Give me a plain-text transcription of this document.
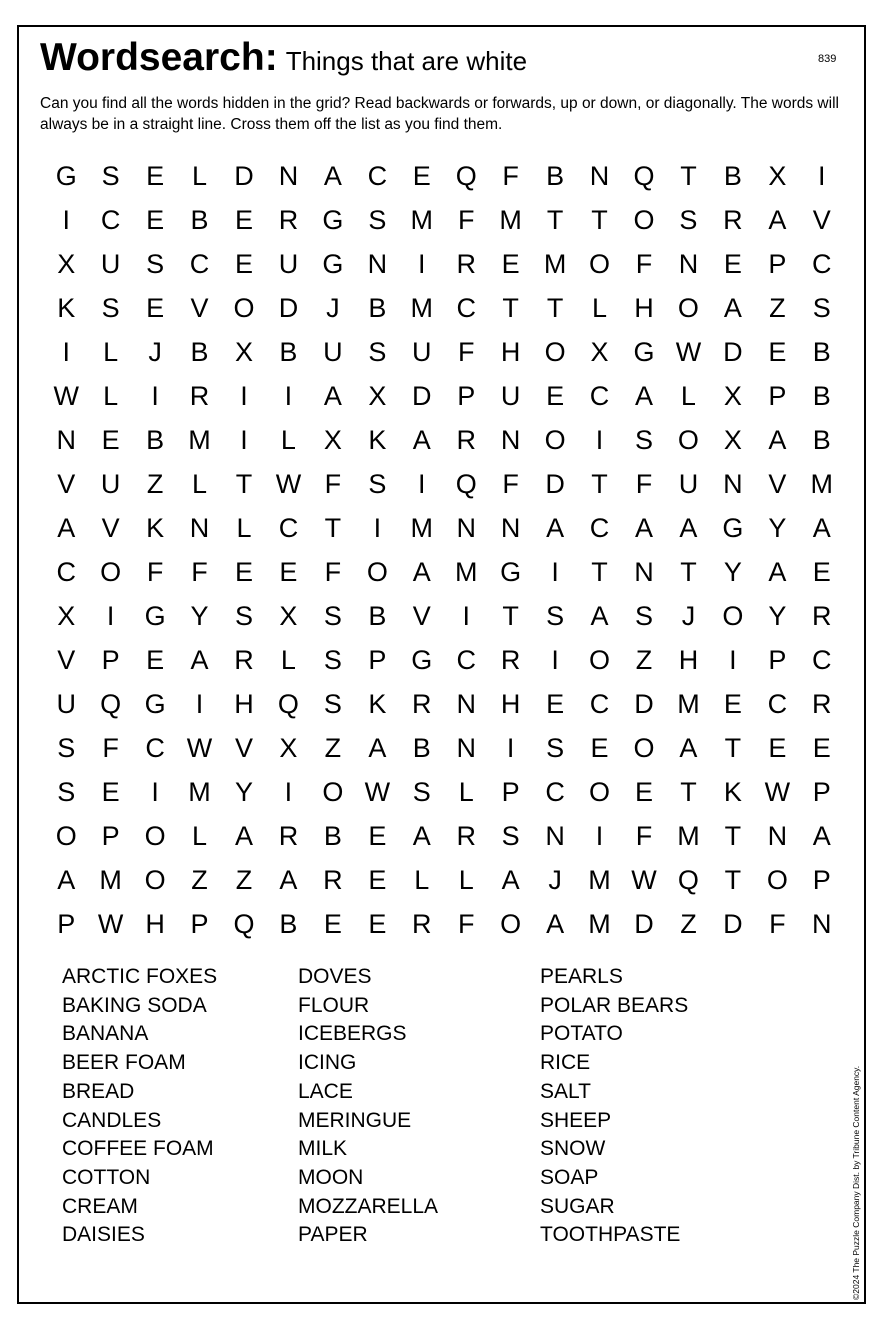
Wordsearch: Things that are white	839
Can you find all the words hidden in the grid? Read backwards or forwards, up or down, or diagonally. The words will always be in a straight line. Cross them off the list as you find them.
G S E	L	D N A C E Q F	B N Q T	B X	I
I	C E B E R G S M F M T	T O S R A V
X U S C E U G N	I	R E M O F N E P C
K S E V O D	J	B M C T	T	L	H O A	Z	S
I	L	J	B X B U S U F H O X G W D E B
W L	I	R	I	I	A X D P U E C A	L	X P B
N E B M	I	L	X K A R N O	I	S O X A B
V U Z	L	T W F	S	I	Q F D T	F U N V M
A V K N	L	C T	I	M N N A C A A G Y A
C O F	F	E E	F O A M G	I	T N T	Y A E
X	I	G Y S X S B V	I	T	S A S	J	O Y R
V P E A R	L	S P G C R	I	O Z H	I	P C
U Q G	I	H Q S K R N H E C D M E C R
S	F C W V X	Z	A B N	I	S E O A	T	E E
S E	I	M Y	I	O W S	L	P C O E	T	K W P
O P O L	A R B E A R S N	I	F M T N A
A M O Z	Z	A R E	L	L	A	J M W Q T O P
P W H P Q B E E R F O A M D Z D F N
ARCTIC FOXES
BAKING SODA
BANANA
BEER FOAM
BREAD
CANDLES
COFFEE FOAM
COTTON
CREAM
DAISIES
DOVES
FLOUR
ICEBERGS
ICING
LACE
MERINGUE
MILK
MOON
MOZZARELLA
PAPER
PEARLS
POLAR BEARS
POTATO
RICE
SALT
SHEEP
SNOW
SOAP
SUGAR
TOOTHPASTE	©2024 The Puzzle Company Dist. by Tribune Content Agency.
